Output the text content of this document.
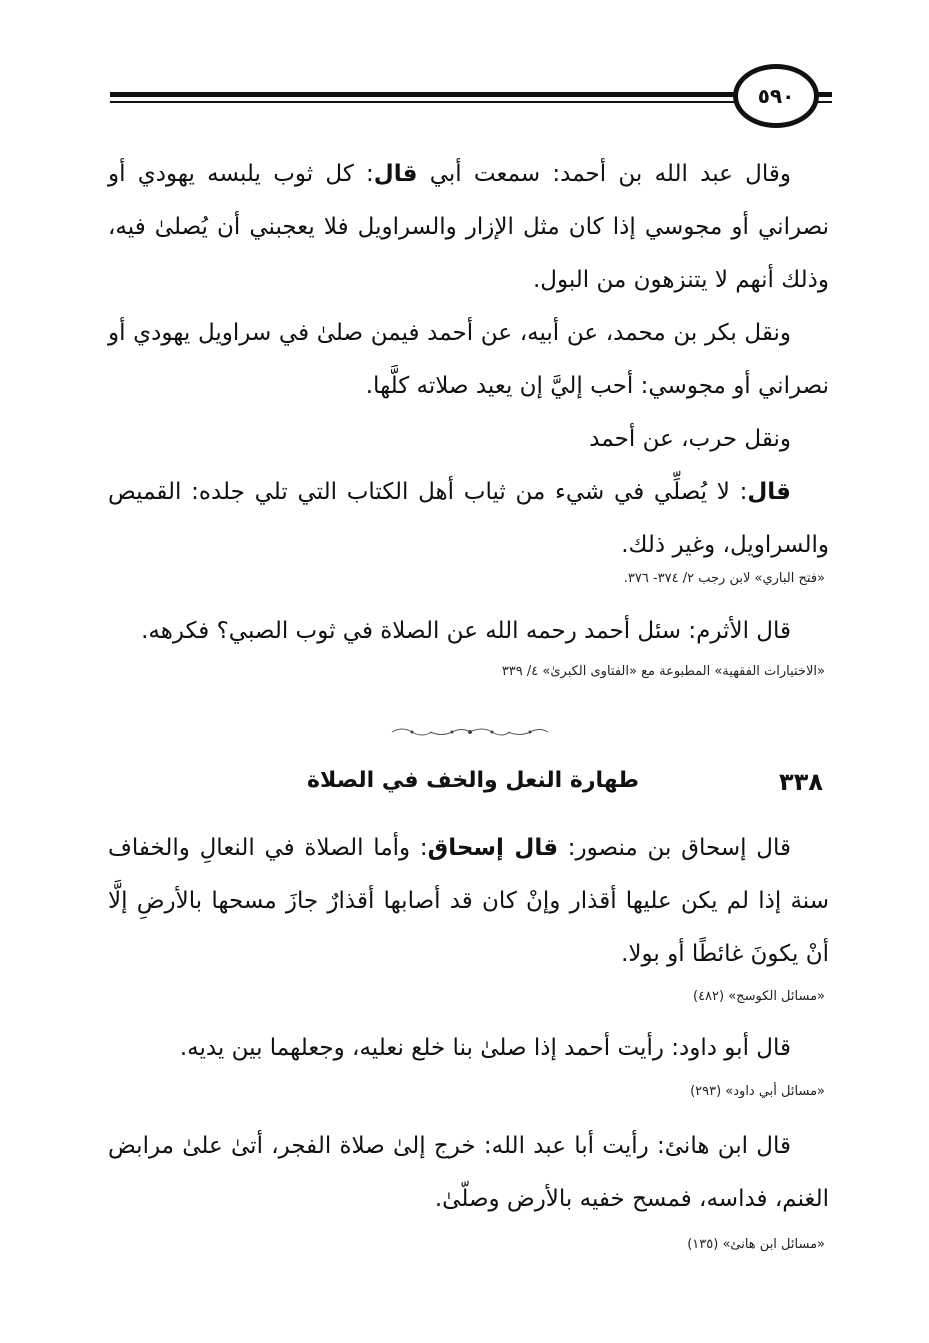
٥٩٠

وقال عبد الله بن أحمد: سمعت أبي قال: كل ثوب يلبسه يهودي أو نصراني أو مجوسي إذا كان مثل الإزار والسراويل فلا يعجبني أن يُصلىٰ فيه، وذلك أنهم لا يتنزهون من البول.

ونقل بكر بن محمد، عن أبيه، عن أحمد فيمن صلىٰ في سراويل يهودي أو نصراني أو مجوسي: أحب إليَّ إن يعيد صلاته كلَّها.

ونقل حرب، عن أحمد

قال: لا يُصلِّي في شيء من ثياب أهل الكتاب التي تلي جلده: القميص والسراويل، وغير ذلك.

«فتح الباري» لابن رجب ٢/ ٣٧٤- ٣٧٦.

قال الأثرم: سئل أحمد رحمه الله عن الصلاة في ثوب الصبي؟ فكرهه.

«الاختيارات الفقهية» المطبوعة مع «الفتاوى الكبرىٰ» ٤/ ٣٣٩
٣٣٨
طهارة النعل والخف في الصلاة

قال إسحاق بن منصور: قال إسحاق: وأما الصلاة في النعالِ والخفاف سنة إذا لم يكن عليها أقذار وإنْ كان قد أصابها أقذارٌ جازَ مسحها بالأرضِ إلَّا أنْ يكونَ غائطًا أو بولا.

«مسائل الكوسج» (٤٨٢)

قال أبو داود: رأيت أحمد إذا صلىٰ بنا خلع نعليه، وجعلهما بين يديه.

«مسائل أبي داود» (٢٩٣)

قال ابن هانئ: رأيت أبا عبد الله: خرج إلىٰ صلاة الفجر، أتىٰ علىٰ مرابض الغنم، فداسه، فمسح خفيه بالأرض وصلّىٰ.

«مسائل ابن هانئ» (١٣٥)
